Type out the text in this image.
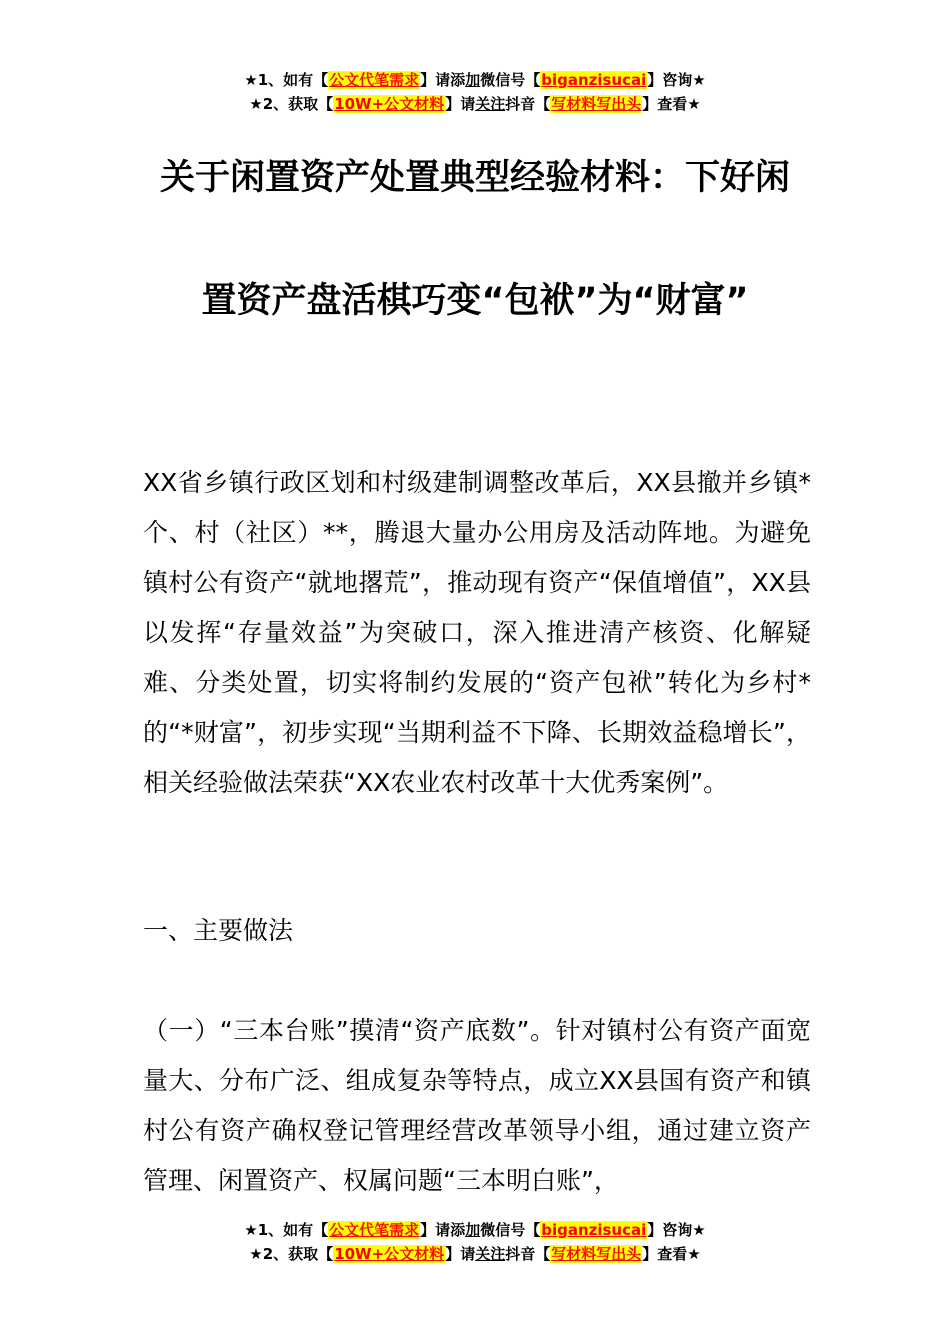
★1、如有【公文代笔需求】请添加微信号【biganzisucai】咨询★
★2、获取【10W+公文材料】请关注抖音【写材料写出头】查看★
关于闲置资产处置典型经验材料：下好闲
置资产盘活棋巧变“包袱”为“财富”

XX省乡镇行政区划和村级建制调整改革后，XX县撤并乡镇*个、村（社区）**，腾退大量办公用房及活动阵地。为避免镇村公有资产“就地撂荒”，推动现有资产“保值增值”，XX县以发挥“存量效益”为突破口，深入推进清产核资、化解疑难、分类处置，切实将制约发展的“资产包袱”转化为乡村*的“*财富”，初步实现“当期利益不下降、长期效益稳增长”，相关经验做法荣获“XX农业农村改革十大优秀案例”。

一、主要做法

（一）“三本台账”摸清“资产底数”。针对镇村公有资产面宽量大、分布广泛、组成复杂等特点，成立XX县国有资产和镇村公有资产确权登记管理经营改革领导小组，通过建立资产管理、闲置资产、权属问题“三本明白账”，

★1、如有【公文代笔需求】请添加微信号【biganzisucai】咨询★
★2、获取【10W+公文材料】请关注抖音【写材料写出头】查看★
